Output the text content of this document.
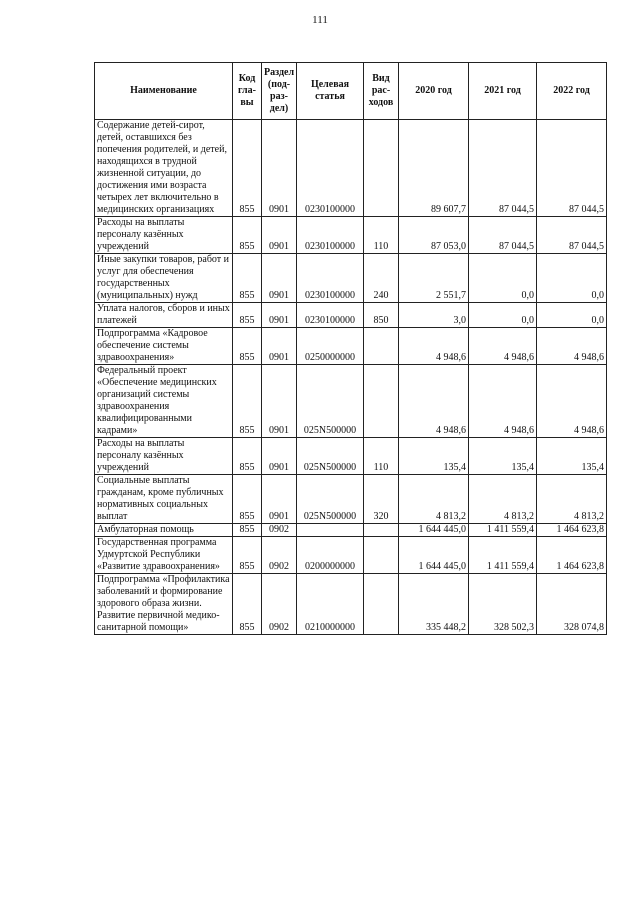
111
Наименование	Код гла- вы	Раздел (под- раз- дел)	Целевая статья	Вид рас- ходов	2020 год	2021 год	2022 год
Содержание детей-сирот, детей, оставшихся без попечения родителей, и детей, находящихся в трудной жизненной ситуации, до достижения ими возраста четырех лет включительно в медицинских организациях	855	0901	0230100000		89 607,7	87 044,5	87 044,5
Расходы на выплаты персоналу казённых учреждений	855	0901	0230100000	110	87 053,0	87 044,5	87 044,5
Иные закупки товаров, работ и услуг для обеспечения государственных (муниципальных) нужд	855	0901	0230100000	240	2 551,7	0,0	0,0
Уплата налогов, сборов и иных платежей	855	0901	0230100000	850	3,0	0,0	0,0
Подпрограмма «Кадровое обеспечение системы здравоохранения»	855	0901	0250000000		4 948,6	4 948,6	4 948,6
Федеральный проект «Обеспечение медицинских организаций системы здравоохранения квалифицированными кадрами»	855	0901	025N500000		4 948,6	4 948,6	4 948,6
Расходы на выплаты персоналу казённых учреждений	855	0901	025N500000	110	135,4	135,4	135,4
Социальные выплаты гражданам, кроме публичных нормативных социальных выплат	855	0901	025N500000	320	4 813,2	4 813,2	4 813,2
Амбулаторная помощь	855	0902			1 644 445,0	1 411 559,4	1 464 623,8
Государственная программа Удмуртской Республики «Развитие здравоохранения»	855	0902	0200000000		1 644 445,0	1 411 559,4	1 464 623,8
Подпрограмма «Профилактика заболеваний и формирование здорового образа жизни. Развитие первичной медико-санитарной помощи»	855	0902	0210000000		335 448,2	328 502,3	328 074,8
